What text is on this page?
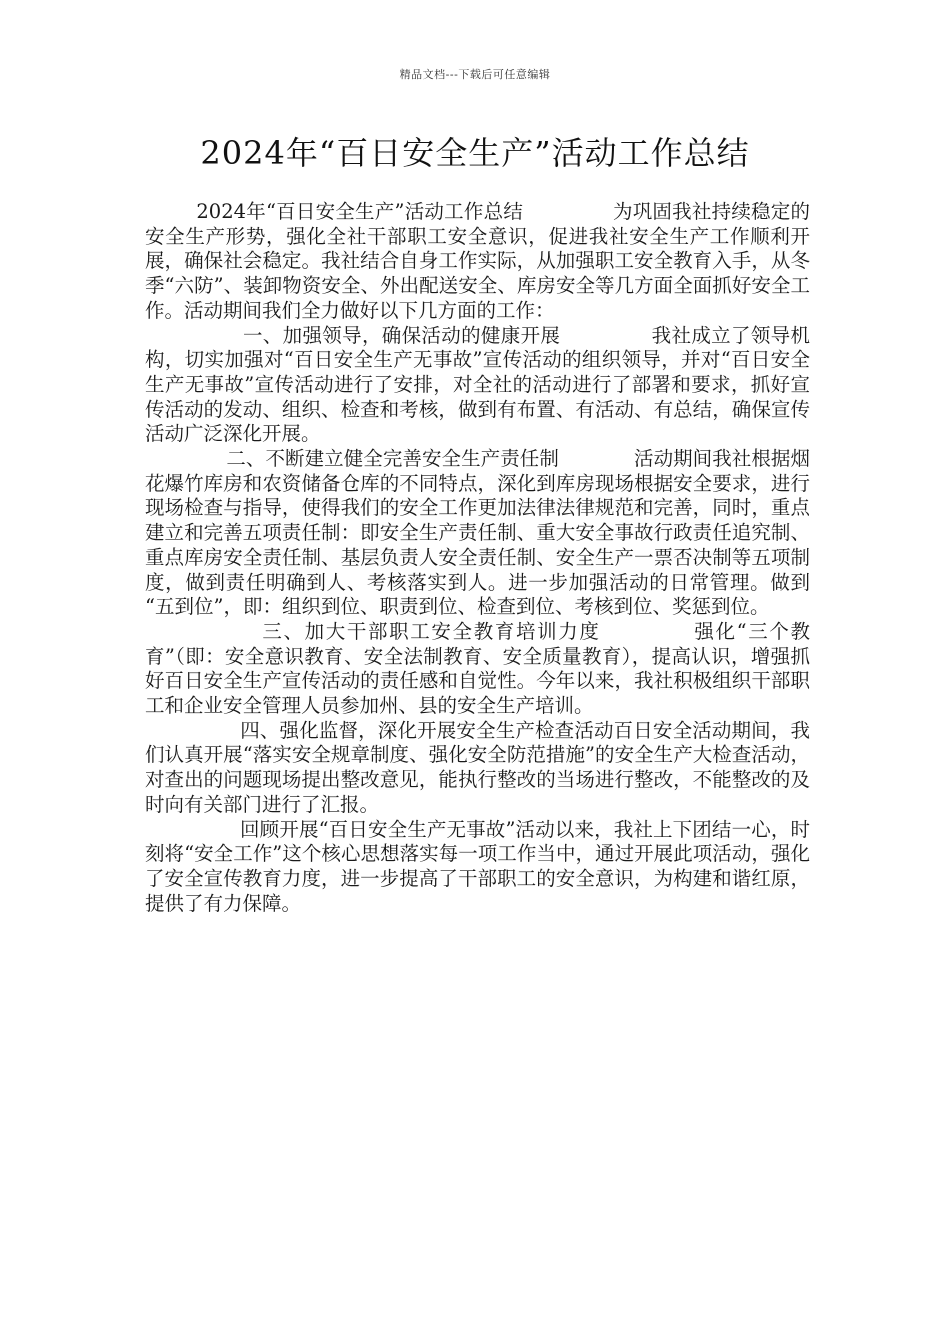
精品文档---下载后可任意编辑
2024年“百日安全生产”活动工作总结

2024年“百日安全生产”活动工作总结              为巩固我社持续稳定的安全生产形势，强化全社干部职工安全意识，促进我社安全生产工作顺利开展，确保社会稳定。我社结合自身工作实际，从加强职工安全教育入手，从冬季“六防”、装卸物资安全、外出配送安全、库房安全等几方面全面抓好安全工作。活动期间我们全力做好以下几方面的工作：

一、加强领导，确保活动的健康开展              我社成立了领导机构，切实加强对“百日安全生产无事故”宣传活动的组织领导，并对“百日安全生产无事故”宣传活动进行了安排，对全社的活动进行了部署和要求，抓好宣传活动的发动、组织、检查和考核，做到有布置、有活动、有总结，确保宣传活动广泛深化开展。

二、不断建立健全完善安全生产责任制            活动期间我社根据烟花爆竹库房和农资储备仓库的不同特点，深化到库房现场根据安全要求，进行现场检查与指导，使得我们的安全工作更加法律法律规范和完善，同时，重点建立和完善五项责任制：即安全生产责任制、重大安全事故行政责任追究制、重点库房安全责任制、基层负责人安全责任制、安全生产一票否决制等五项制度，做到责任明确到人、考核落实到人。进一步加强活动的日常管理。做到  “五到位”，即：组织到位、职责到位、检查到位、考核到位、奖惩到位。

三、加大干部职工安全教育培训力度            强化“三个教育”（即：安全意识教育、安全法制教育、安全质量教育），提高认识，增强抓好百日安全生产宣传活动的责任感和自觉性。今年以来，我社积极组织干部职工和企业安全管理人员参加州、县的安全生产培训。

四、强化监督，深化开展安全生产检查活动百日安全活动期间，我们认真开展“落实安全规章制度、强化安全防范措施”的安全生产大检查活动，对查出的问题现场提出整改意见，能执行整改的当场进行整改，不能整改的及时向有关部门进行了汇报。

回顾开展“百日安全生产无事故”活动以来，我社上下团结一心，时刻将“安全工作”这个核心思想落实每一项工作当中，通过开展此项活动，强化了安全宣传教育力度，进一步提高了干部职工的安全意识，为构建和谐红原，提供了有力保障。
